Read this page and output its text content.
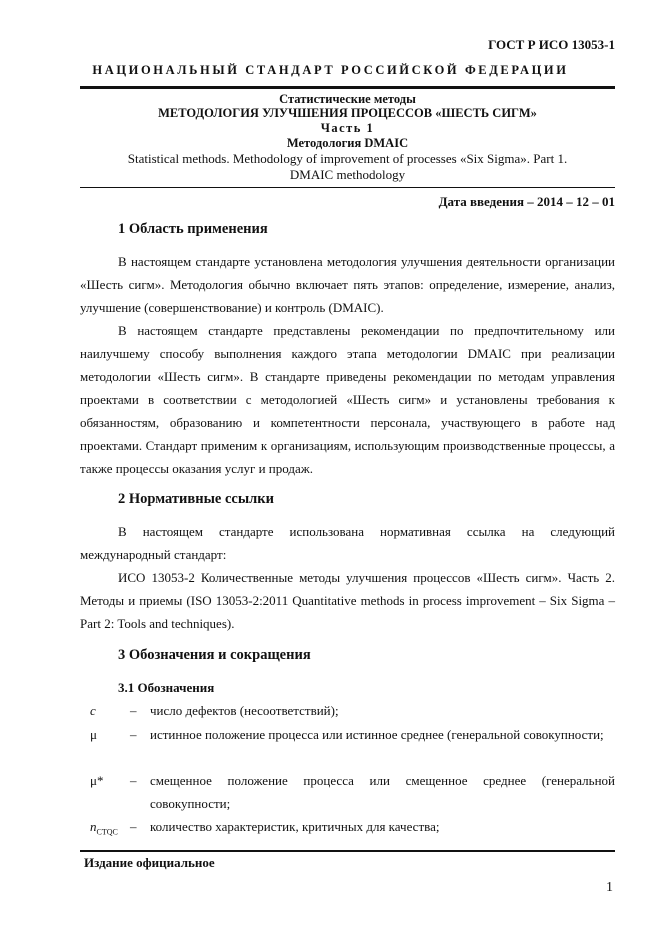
ГОСТ Р ИСО 13053-1
НАЦИОНАЛЬНЫЙ СТАНДАРТ РОССИЙСКОЙ ФЕДЕРАЦИИ
Статистические методы
МЕТОДОЛОГИЯ УЛУЧШЕНИЯ ПРОЦЕССОВ «ШЕСТЬ СИГМ»
Часть 1
Методология DMAIC
Statistical methods. Methodology of improvement of processes «Six Sigma». Part 1.
DMAIC methodology
Дата введения – 2014 – 12 – 01
1 Область применения

В настоящем стандарте установлена методология улучшения деятельности организации «Шесть сигм». Методология обычно включает пять этапов: определение, измерение, анализ, улучшение (совершенствование) и контроль (DMAIC).

В настоящем стандарте представлены рекомендации по предпочтительному или наилучшему способу выполнения каждого этапа методологии DMAIC при реализации методологии «Шесть сигм». В стандарте приведены рекомендации по методам управления проектами в соответствии с методологией «Шесть сигм» и установлены требования к обязанностям, образованию и компетентности персонала, участвующего в работе над проектами. Стандарт применим к организациям, использующим производственные процессы, а также процессы оказания услуг и продаж.

2 Нормативные ссылки

В настоящем стандарте использована нормативная ссылка на следующий международный стандарт:

ИСО 13053-2 Количественные методы улучшения процессов «Шесть сигм». Часть 2. Методы и приемы (ISO 13053-2:2011 Quantitative methods in process improvement – Six Sigma – Part 2: Tools and techniques).

3 Обозначения и сокращения
3.1 Обозначения
c	– число дефектов (несоответствий);
μ	– истинное положение процесса или истинное среднее (генеральной совокупности;
μ* – смещенное положение процесса или смещенное среднее (генеральной совокупности;
$n_{CTQC}$ – количество характеристик, критичных для качества;
Издание официальное
1
